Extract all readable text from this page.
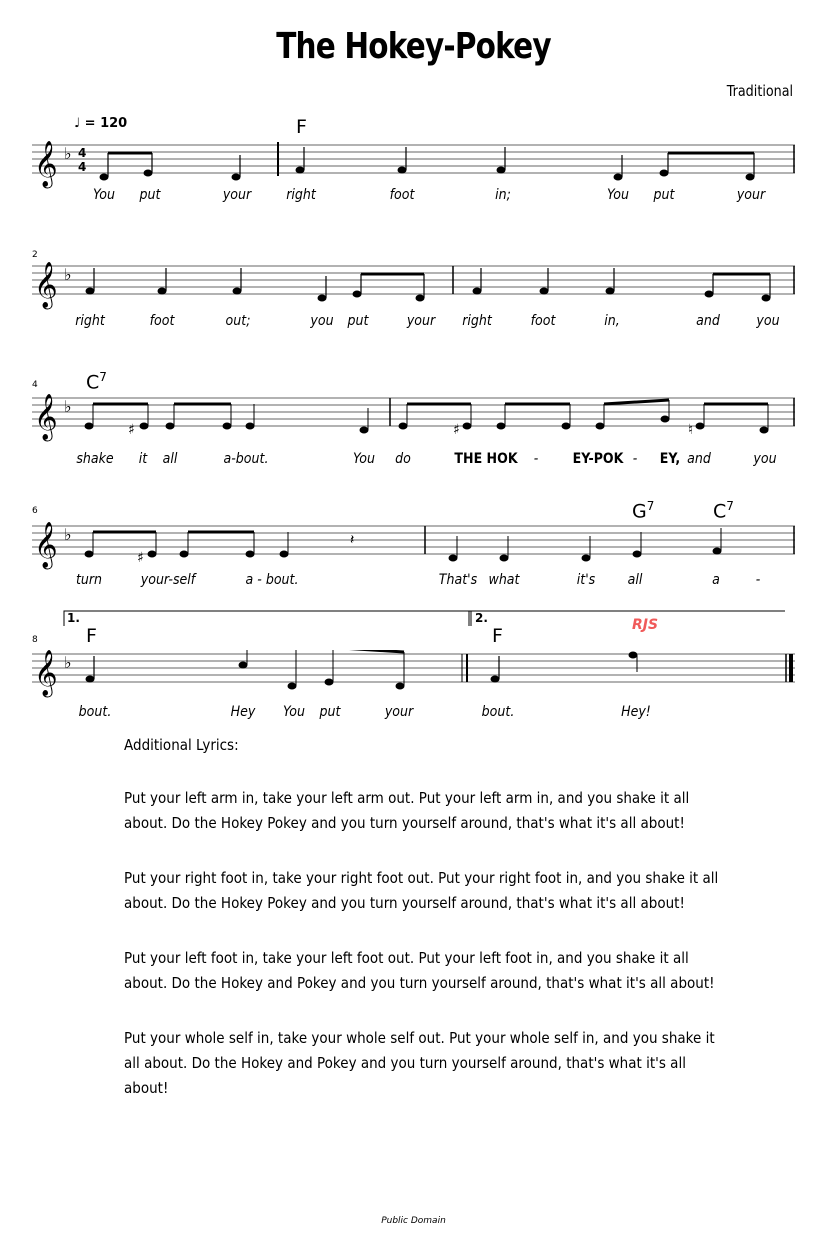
The Hokey-Pokey
Traditional
♩ = 120	F
𝄞 ♭ 4
4
You put	your	right	foot	in;	You put	your
2
𝄞 ♭
right	foot	out;	you put	your right	foot	in,	and	you
4	$C^7$
𝄞 ♭
♯	♯	♮
shake it all	a-bout.	You do	THE HOK - EY-POK - EY, and	you
6	$G^7$	$C^7$
𝄞 ♭
♯
𝄽
turn	your-self	a - bout.	That's what	it's all	a	-
1.	2.
8	F	F	RJS
𝄞 ♭
bout.	Hey You put	your	bout.	Hey!
Additional Lyrics:

Put your left arm in, take your left arm out. Put your left arm in, and you shake it all

about. Do the Hokey Pokey and you turn yourself around, that's what it's all about!

Put your right foot in, take your right foot out. Put your right foot in, and you shake it all

about. Do the Hokey Pokey and you turn yourself around, that's what it's all about!

Put your left foot in, take your left foot out. Put your left foot in, and you shake it all

about. Do the Hokey and Pokey and you turn yourself around, that's what it's all about!

Put your whole self in, take your whole self out. Put your whole self in, and you shake it

all about. Do the Hokey and Pokey and you turn yourself around, that's what it's all

about!

Public Domain
